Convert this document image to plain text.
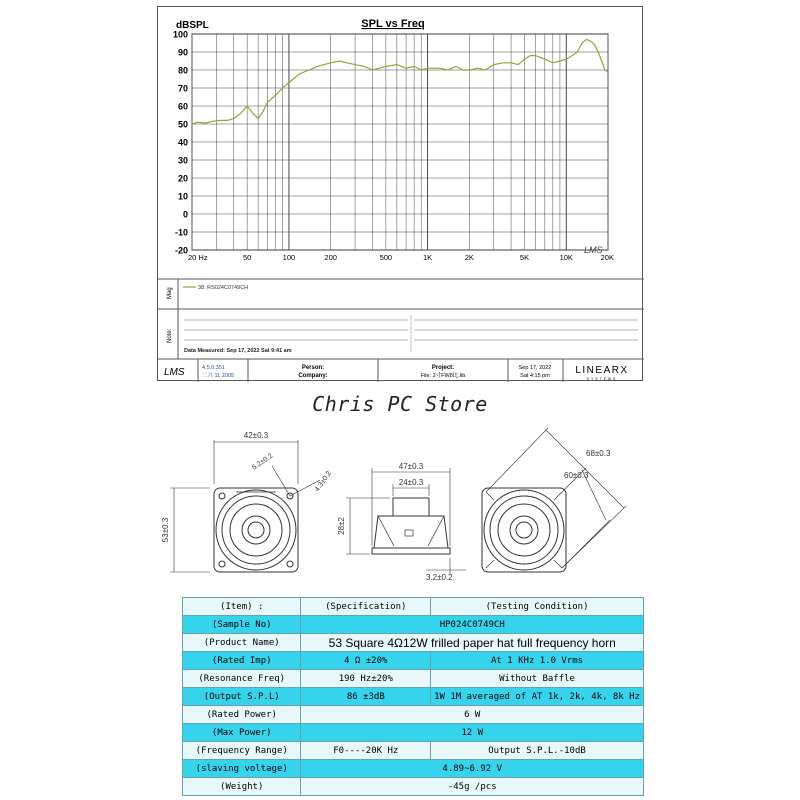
SPL vs Freq
dBSPL
100
90
80
70
60
50
40
30
20
10
0
-10
-20
20 Hz	50	100	200	500	1K	2K	5K	10K	20K
LMS
Mag	38: RS024C0749CH
Note:
Data Measured: Sep 17, 2022 Sat 9:41 am
LMS	4.5.0.351
二月 11 2005
Person:
Company:
Project:
File: 2寸FW8比.lib
Sep 17, 2022
Sat 4:15 pm	LINEARX
SYSTEMS
Chris PC Store
42±0.3
5.2±0.2
4.3±0.2
53±0.3
47±0.3
24±0.3
28±2
3.2±0.2
68±0.3
60±0.3
(Item) :	(Specification)	(Testing Condition)
(Sample No)	HP024C0749CH	
(Product Name)	53 Square 4Ω12W frilled paper hat full frequency horn	
(Rated Imp)	4 Ω ±20%	At 1 KHz 1.0 Vrms
(Resonance Freq)	190 Hz±20%	Without Baffle
(Output S.P.L)	86 ±3dB	1W 1M averaged of AT 1k, 2k, 4k, 8k Hz
(Rated Power)	6 W	
(Max Power)	12 W	
(Frequency Range)	F0----20K Hz	Output S.P.L.-10dB
(slaving voltage)	4.89~6.92 V	
(Weight)	-45g /pcs	
